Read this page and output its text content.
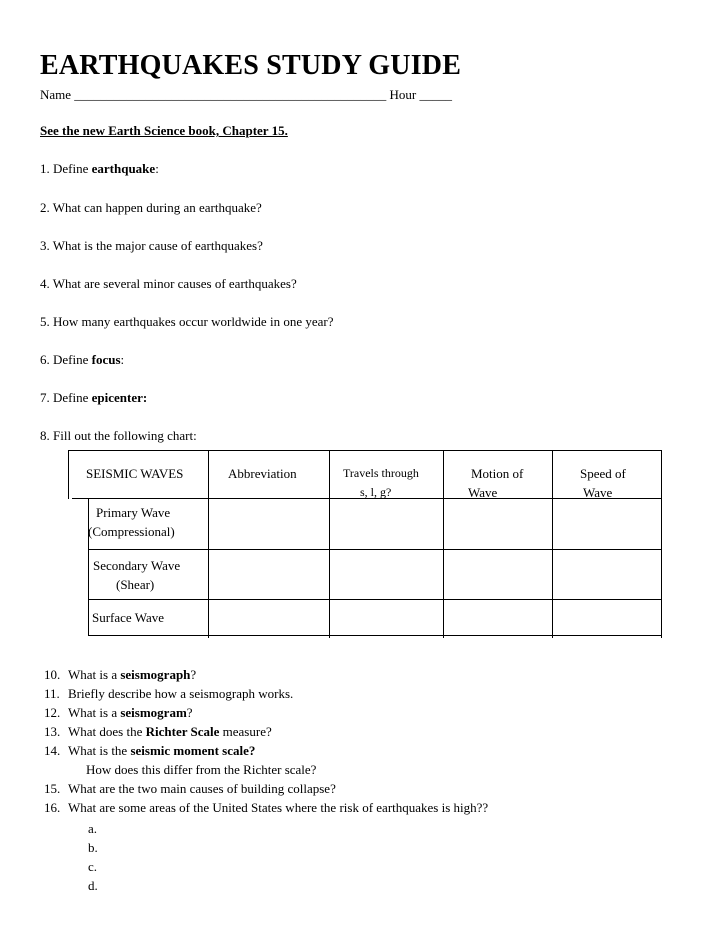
EARTHQUAKES STUDY GUIDE
Name ________________________________________________ Hour _____
See the new Earth Science book, Chapter 15.
1. Define earthquake:
2. What can happen during an earthquake?
3. What is the major cause of earthquakes?
4. What are several minor causes of earthquakes?
5. How many earthquakes occur worldwide in one year?
6. Define focus:
7. Define epicenter:
8. Fill out the following chart:
SEISMIC WAVES	Abbreviation	Travels through
s, l, g?
Motion of
Wave
Speed of
Wave
Primary Wave
(Compressional)
Secondary Wave
(Shear)
Surface Wave
10. What is a seismograph?
11. Briefly describe how a seismograph works.
12. What is a seismogram?
13. What does the Richter Scale measure?
14. What is the seismic moment scale?
How does this differ from the Richter scale?
15. What are the two main causes of building collapse?
16. What are some areas of the United States where the risk of earthquakes is high??
a.
b.
c.
d.
